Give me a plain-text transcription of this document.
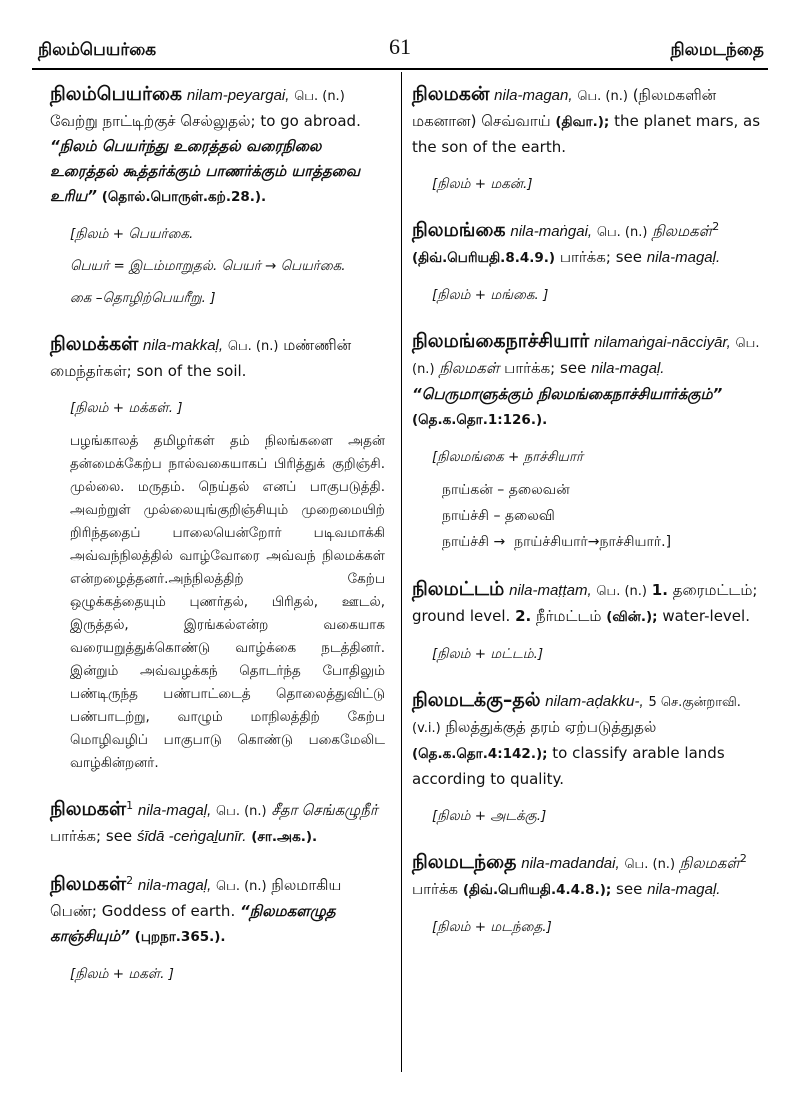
நிலம்பெயர்கை	61	நிலமடந்தை
நிலம்பெயர்கை nilam-peyargai, பெ. (n.) வேற்று நாட்டிற்குச் செல்லுதல்; to go abroad. “நிலம் பெயர்ந்து உரைத்தல் வரைநிலை உரைத்தல் கூத்தர்க்கும் பாணர்க்கும் யாத்தவை உரிய” (தொல்.பொருள்.கற்.28.).
[நிலம் + பெயர்கை.
பெயர் = இடம்மாறுதல். பெயர் → பெயர்கை.
கை –தொழிற்பெயரீறு. ]
நிலமக்கள் nila-makkaḷ, பெ. (n.) மண்ணின் மைந்தர்கள்; son of the soil.
[நிலம் + மக்கள். ]
பழங்காலத் தமிழர்கள் தம் நிலங்களை அதன் தன்மைக்கேற்ப நால்வகையாகப் பிரித்துக் குறிஞ்சி. முல்லை. மருதம். நெய்தல் எனப் பாகுபடுத்தி. அவற்றுள் முல்லையுங்குறிஞ்சியும் முறைமையிற் றிரிந்ததைப் பாலையென்றோர் படிவமாக்கி அவ்வந்நிலத்தில் வாழ்வோரை அவ்வந் நிலமக்கள் என்றழைத்தனர்.அந்நிலத்திற் கேற்ப ஒழுக்கத்தையும் புணர்தல், பிரிதல், ஊடல், இருத்தல், இரங்கல்என்ற வகையாக வரையறுத்துக்கொண்டு வாழ்க்கை நடத்தினர். இன்றும் அவ்வழக்கந் தொடர்ந்த போதிலும் பண்டிருந்த பண்பாட்டைத் தொலைத்துவிட்டு பண்பாடற்று, வாழும் மாநிலத்திற் கேற்ப மொழிவழிப் பாகுபாடு கொண்டு பகைமேலிட வாழ்கின்றனர்.
நிலமகள்$^1$ nila-magaḷ, பெ. (n.) சீதா செங்கழுநீர் பார்க்க; see śīdā -ceṅgaḻunīr. (சா.அக.).
நிலமகள்$^2$ nila-magaḷ, பெ. (n.) நிலமாகிய பெண்; Goddess of earth. “நிலமகளழுத காஞ்சியும்” (புறநா.365.).
[நிலம் + மகள். ]
நிலமகன் nila-magan, பெ. (n.) (நிலமகளின் மகனான) செவ்வாய் (திவா.); the planet mars, as the son of the earth.
[நிலம் + மகன்.]
நிலமங்கை nila-maṅgai, பெ. (n.) நிலமகள்$^2$ (திவ்.பெரியதி.8.4.9.) பார்க்க; see nila-magaḷ.
[நிலம் + மங்கை. ]
நிலமங்கைநாச்சியார் nilamaṅgai-nācciyār, பெ. (n.) நிலமகள் பார்க்க; see nila-magaḷ. “பெருமாளுக்கும் நிலமங்கைநாச்சியார்க்கும்” (தெ.க.தொ.1:126.).
[நிலமங்கை + நாச்சியார்
நாய்கன் – தலைவன்
நாய்ச்சி – தலைவி
நாய்ச்சி →  நாய்ச்சியார்→நாச்சியார்.]
நிலமட்டம் nila-maṭṭam, பெ. (n.) 1. தரைமட்டம்; ground level. 2. நீர்மட்டம் (வின்.); water-level.
[நிலம் + மட்டம்.]
நிலமடக்கு–தல் nilam-aḍakku-, 5 செ.குன்றாவி. (v.i.) நிலத்துக்குத் தரம் ஏற்படுத்துதல் (தெ.க.தொ.4:142.); to classify arable lands according to quality.
[நிலம் + அடக்கு.]
நிலமடந்தை nila-madandai, பெ. (n.) நிலமகள்$^2$ பார்க்க (திவ்.பெரியதி.4.4.8.); see nila-magaḷ.
[நிலம் + மடந்தை.]
